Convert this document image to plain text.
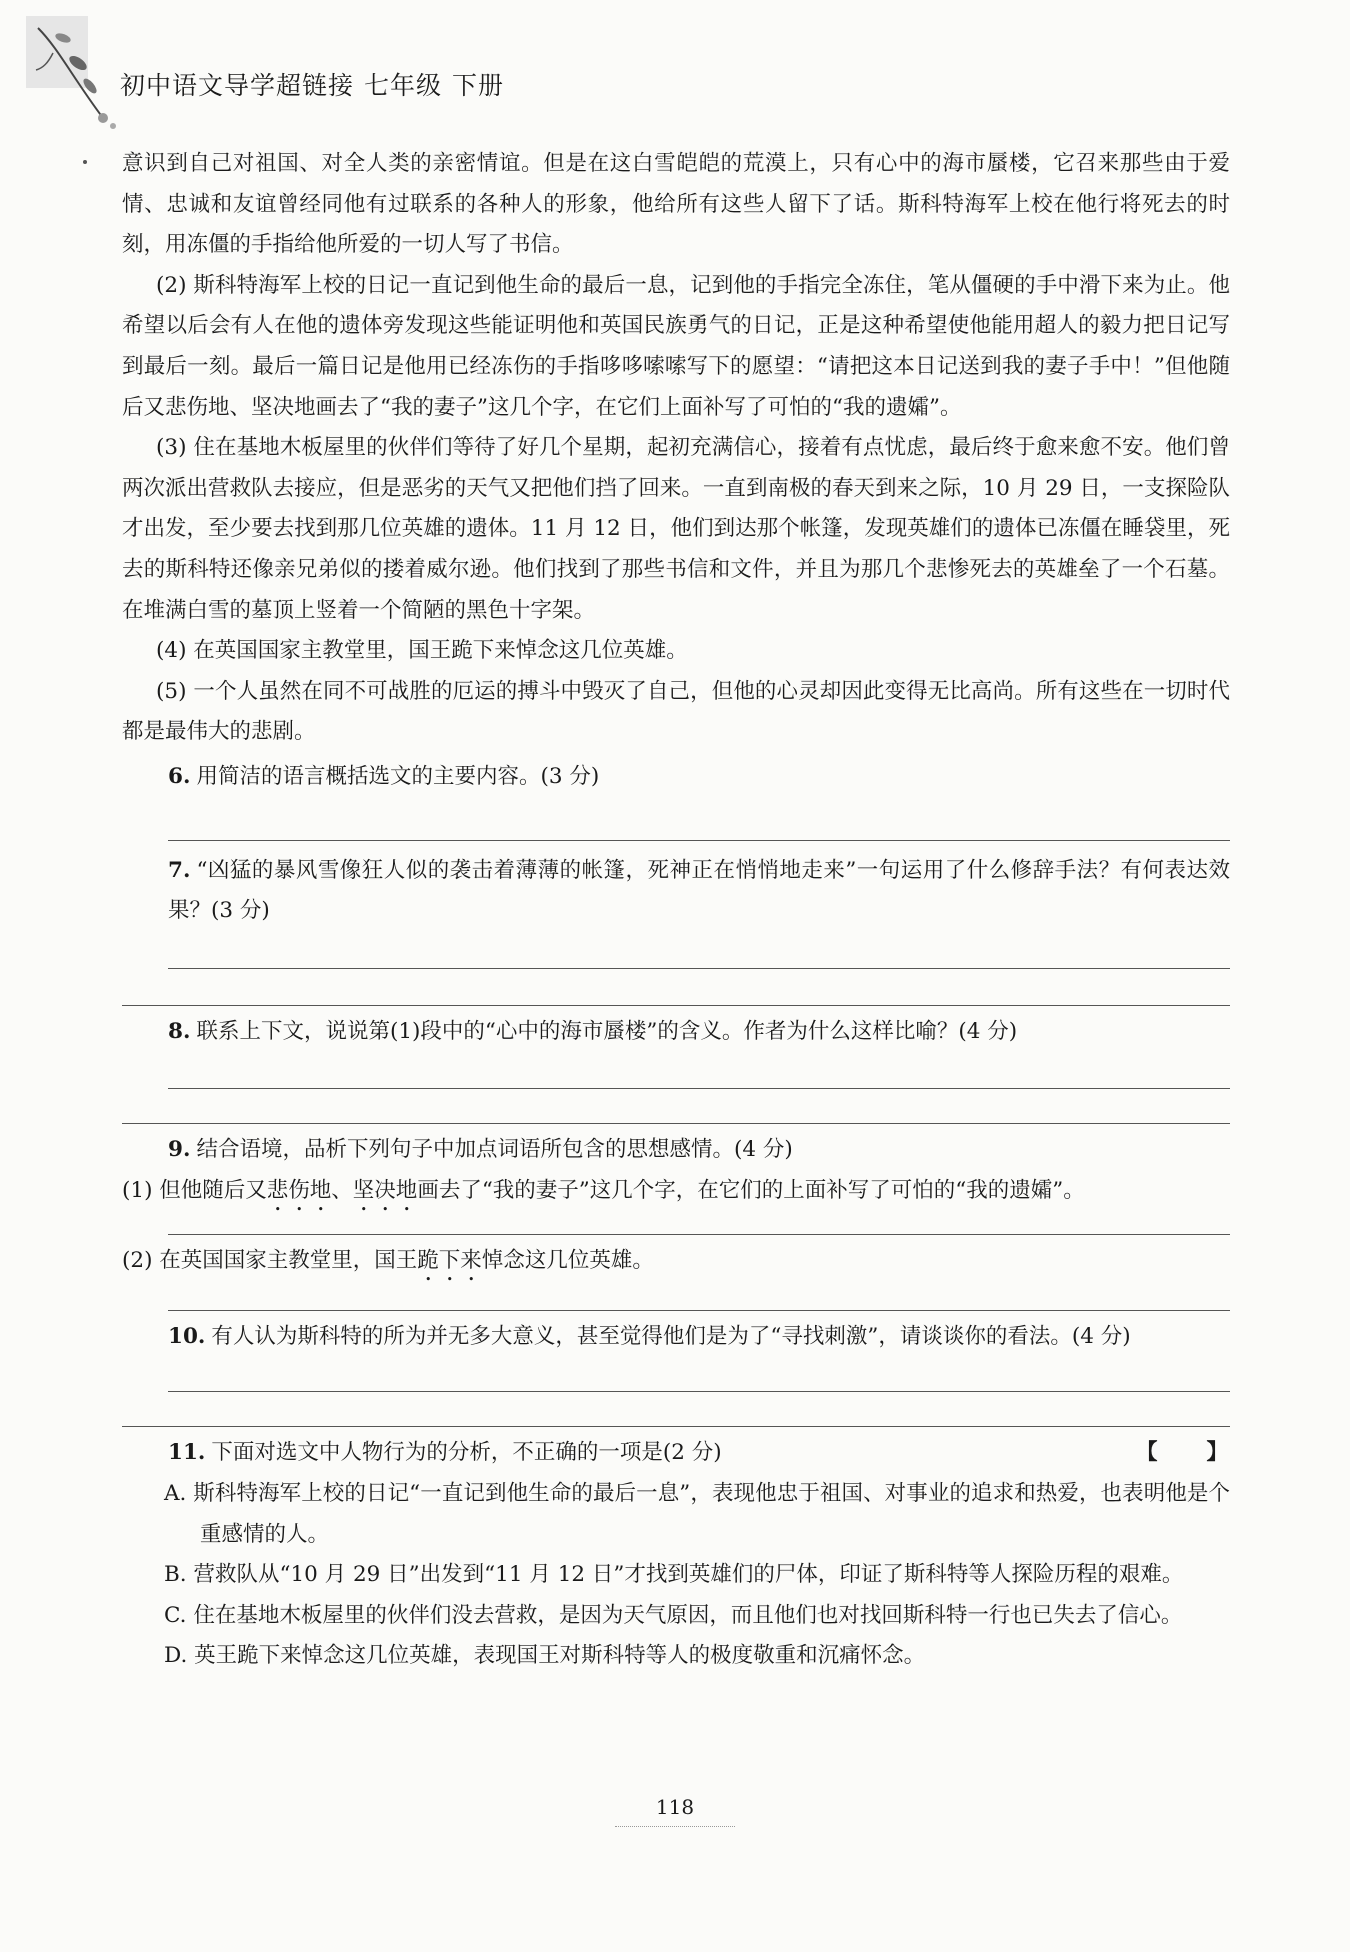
初中语文导学超链接 七年级 下册

意识到自己对祖国、对全人类的亲密情谊。但是在这白雪皑皑的荒漠上，只有心中的海市蜃楼，它召来那些由于爱情、忠诚和友谊曾经同他有过联系的各种人的形象，他给所有这些人留下了话。斯科特海军上校在他行将死去的时刻，用冻僵的手指给他所爱的一切人写了书信。

(2) 斯科特海军上校的日记一直记到他生命的最后一息，记到他的手指完全冻住，笔从僵硬的手中滑下来为止。他希望以后会有人在他的遗体旁发现这些能证明他和英国民族勇气的日记，正是这种希望使他能用超人的毅力把日记写到最后一刻。最后一篇日记是他用已经冻伤的手指哆哆嗦嗦写下的愿望：“请把这本日记送到我的妻子手中！”但他随后又悲伤地、坚决地画去了“我的妻子”这几个字，在它们上面补写了可怕的“我的遗孀”。

(3) 住在基地木板屋里的伙伴们等待了好几个星期，起初充满信心，接着有点忧虑，最后终于愈来愈不安。他们曾两次派出营救队去接应，但是恶劣的天气又把他们挡了回来。一直到南极的春天到来之际，10 月 29 日，一支探险队才出发，至少要去找到那几位英雄的遗体。11 月 12 日，他们到达那个帐篷，发现英雄们的遗体已冻僵在睡袋里，死去的斯科特还像亲兄弟似的搂着威尔逊。他们找到了那些书信和文件，并且为那几个悲惨死去的英雄垒了一个石墓。在堆满白雪的墓顶上竖着一个简陋的黑色十字架。

(4) 在英国国家主教堂里，国王跪下来悼念这几位英雄。

(5) 一个人虽然在同不可战胜的厄运的搏斗中毁灭了自己，但他的心灵却因此变得无比高尚。所有这些在一切时代都是最伟大的悲剧。

6. 用简洁的语言概括选文的主要内容。(3 分)

7. “凶猛的暴风雪像狂人似的袭击着薄薄的帐篷，死神正在悄悄地走来”一句运用了什么修辞手法？有何表达效果？(3 分)

8. 联系上下文，说说第(1)段中的“心中的海市蜃楼”的含义。作者为什么这样比喻？(4 分)

9. 结合语境，品析下列句子中加点词语所包含的思想感情。(4 分)

(1) 但他随后又悲伤地、坚决地画去了“我的妻子”这几个字，在它们的上面补写了可怕的“我的遗孀”。

(2) 在英国国家主教堂里，国王跪下来悼念这几位英雄。

10. 有人认为斯科特的所为并无多大意义，甚至觉得他们是为了“寻找刺激”，请谈谈你的看法。(4 分)

11. 下面对选文中人物行为的分析，不正确的一项是(2 分)	【　　】

A. 斯科特海军上校的日记“一直记到他生命的最后一息”，表现他忠于祖国、对事业的追求和热爱，也表明他是个重感情的人。

B. 营救队从“10 月 29 日”出发到“11 月 12 日”才找到英雄们的尸体，印证了斯科特等人探险历程的艰难。

C. 住在基地木板屋里的伙伴们没去营救，是因为天气原因，而且他们也对找回斯科特一行也已失去了信心。

D. 英王跪下来悼念这几位英雄，表现国王对斯科特等人的极度敬重和沉痛怀念。

118
